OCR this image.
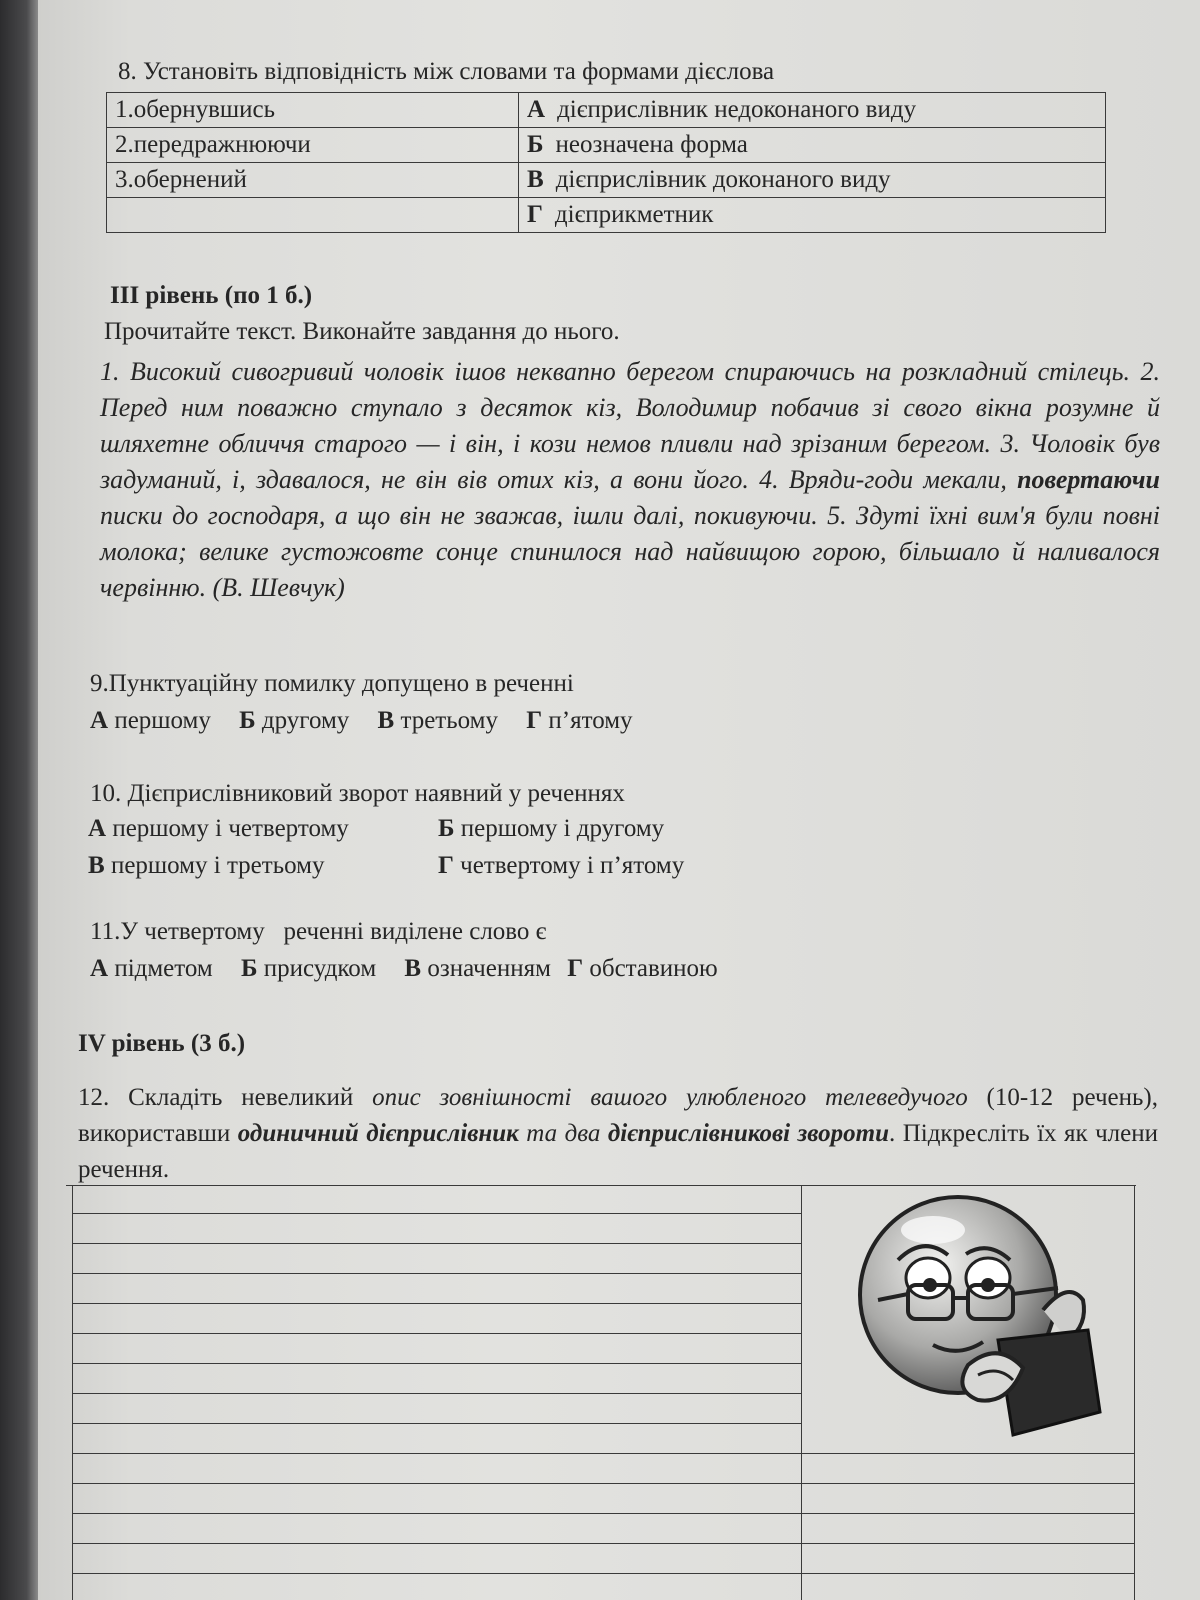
8. Установіть відповідність між словами та формами дієслова
1.обернувшись	А дієприслівник недоконаного виду
2.передражнюючи	Б неозначена форма
3.обернений	В дієприслівник доконаного виду
	Г дієприкметник
ІІІ рівень (по 1 б.)
Прочитайте текст. Виконайте завдання до нього.
1. Високий сивогривий чоловік ішов неквапно берегом спираючись на розкладний стілець. 2. Перед ним поважно ступало з десяток кіз, Володимир побачив зі свого вікна розумне й шляхетне обличчя старого — і він, і кози немов пливли над зрізаним берегом. 3. Чоловік був задуманий, і, здавалося, не він вів отих кіз, а вони його. 4. Вряди-годи мекали, повертаючи писки до господаря, а що він не зважав, ішли далі, покивуючи. 5. Здуті їхні вим'я були повні молока; велике густожовте сонце спинилося над найвищою горою, більшало й наливалося червінню. (В. Шевчук)
9.Пунктуаційну помилку допущено в реченні
А першому Б другому В третьому Г п’ятому
10. Дієприслівниковий зворот наявний у реченнях
А першому і четвертому	Б першому і другому
В першому і третьому	Г четвертому і п’ятому
11.У четвертому   реченні виділене слово є
А підметом Б присудком В означенням Г обставиною
IV рівень (3 б.)
12. Складіть невеликий опис зовнішності вашого улюбленого телеведучого (10-12 речень), використавши одиничний дієприслівник та два дієприслівникові звороти. Підкресліть їх як члени речення.
